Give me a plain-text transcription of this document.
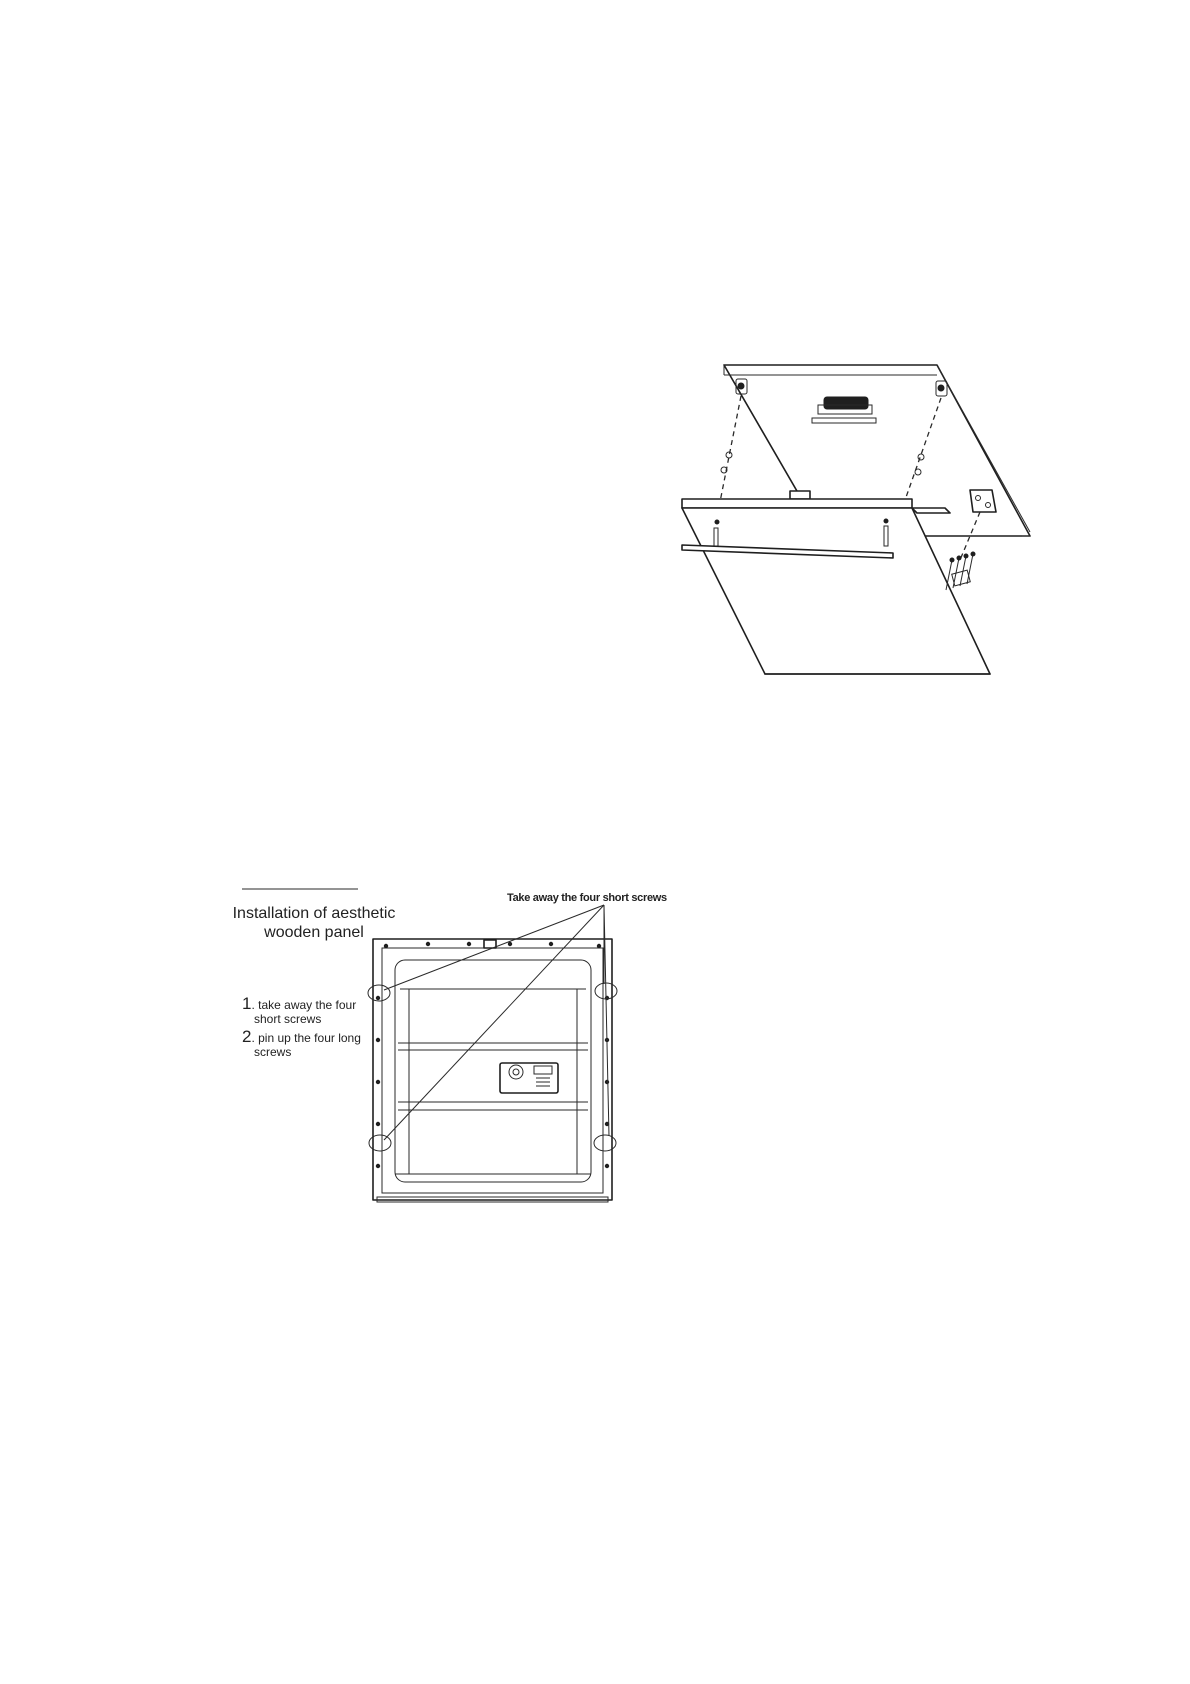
Installation of aesthetic
wooden panel
Take away the four short screws
1. take away the four
short screws
2. pin up the four long
screws
